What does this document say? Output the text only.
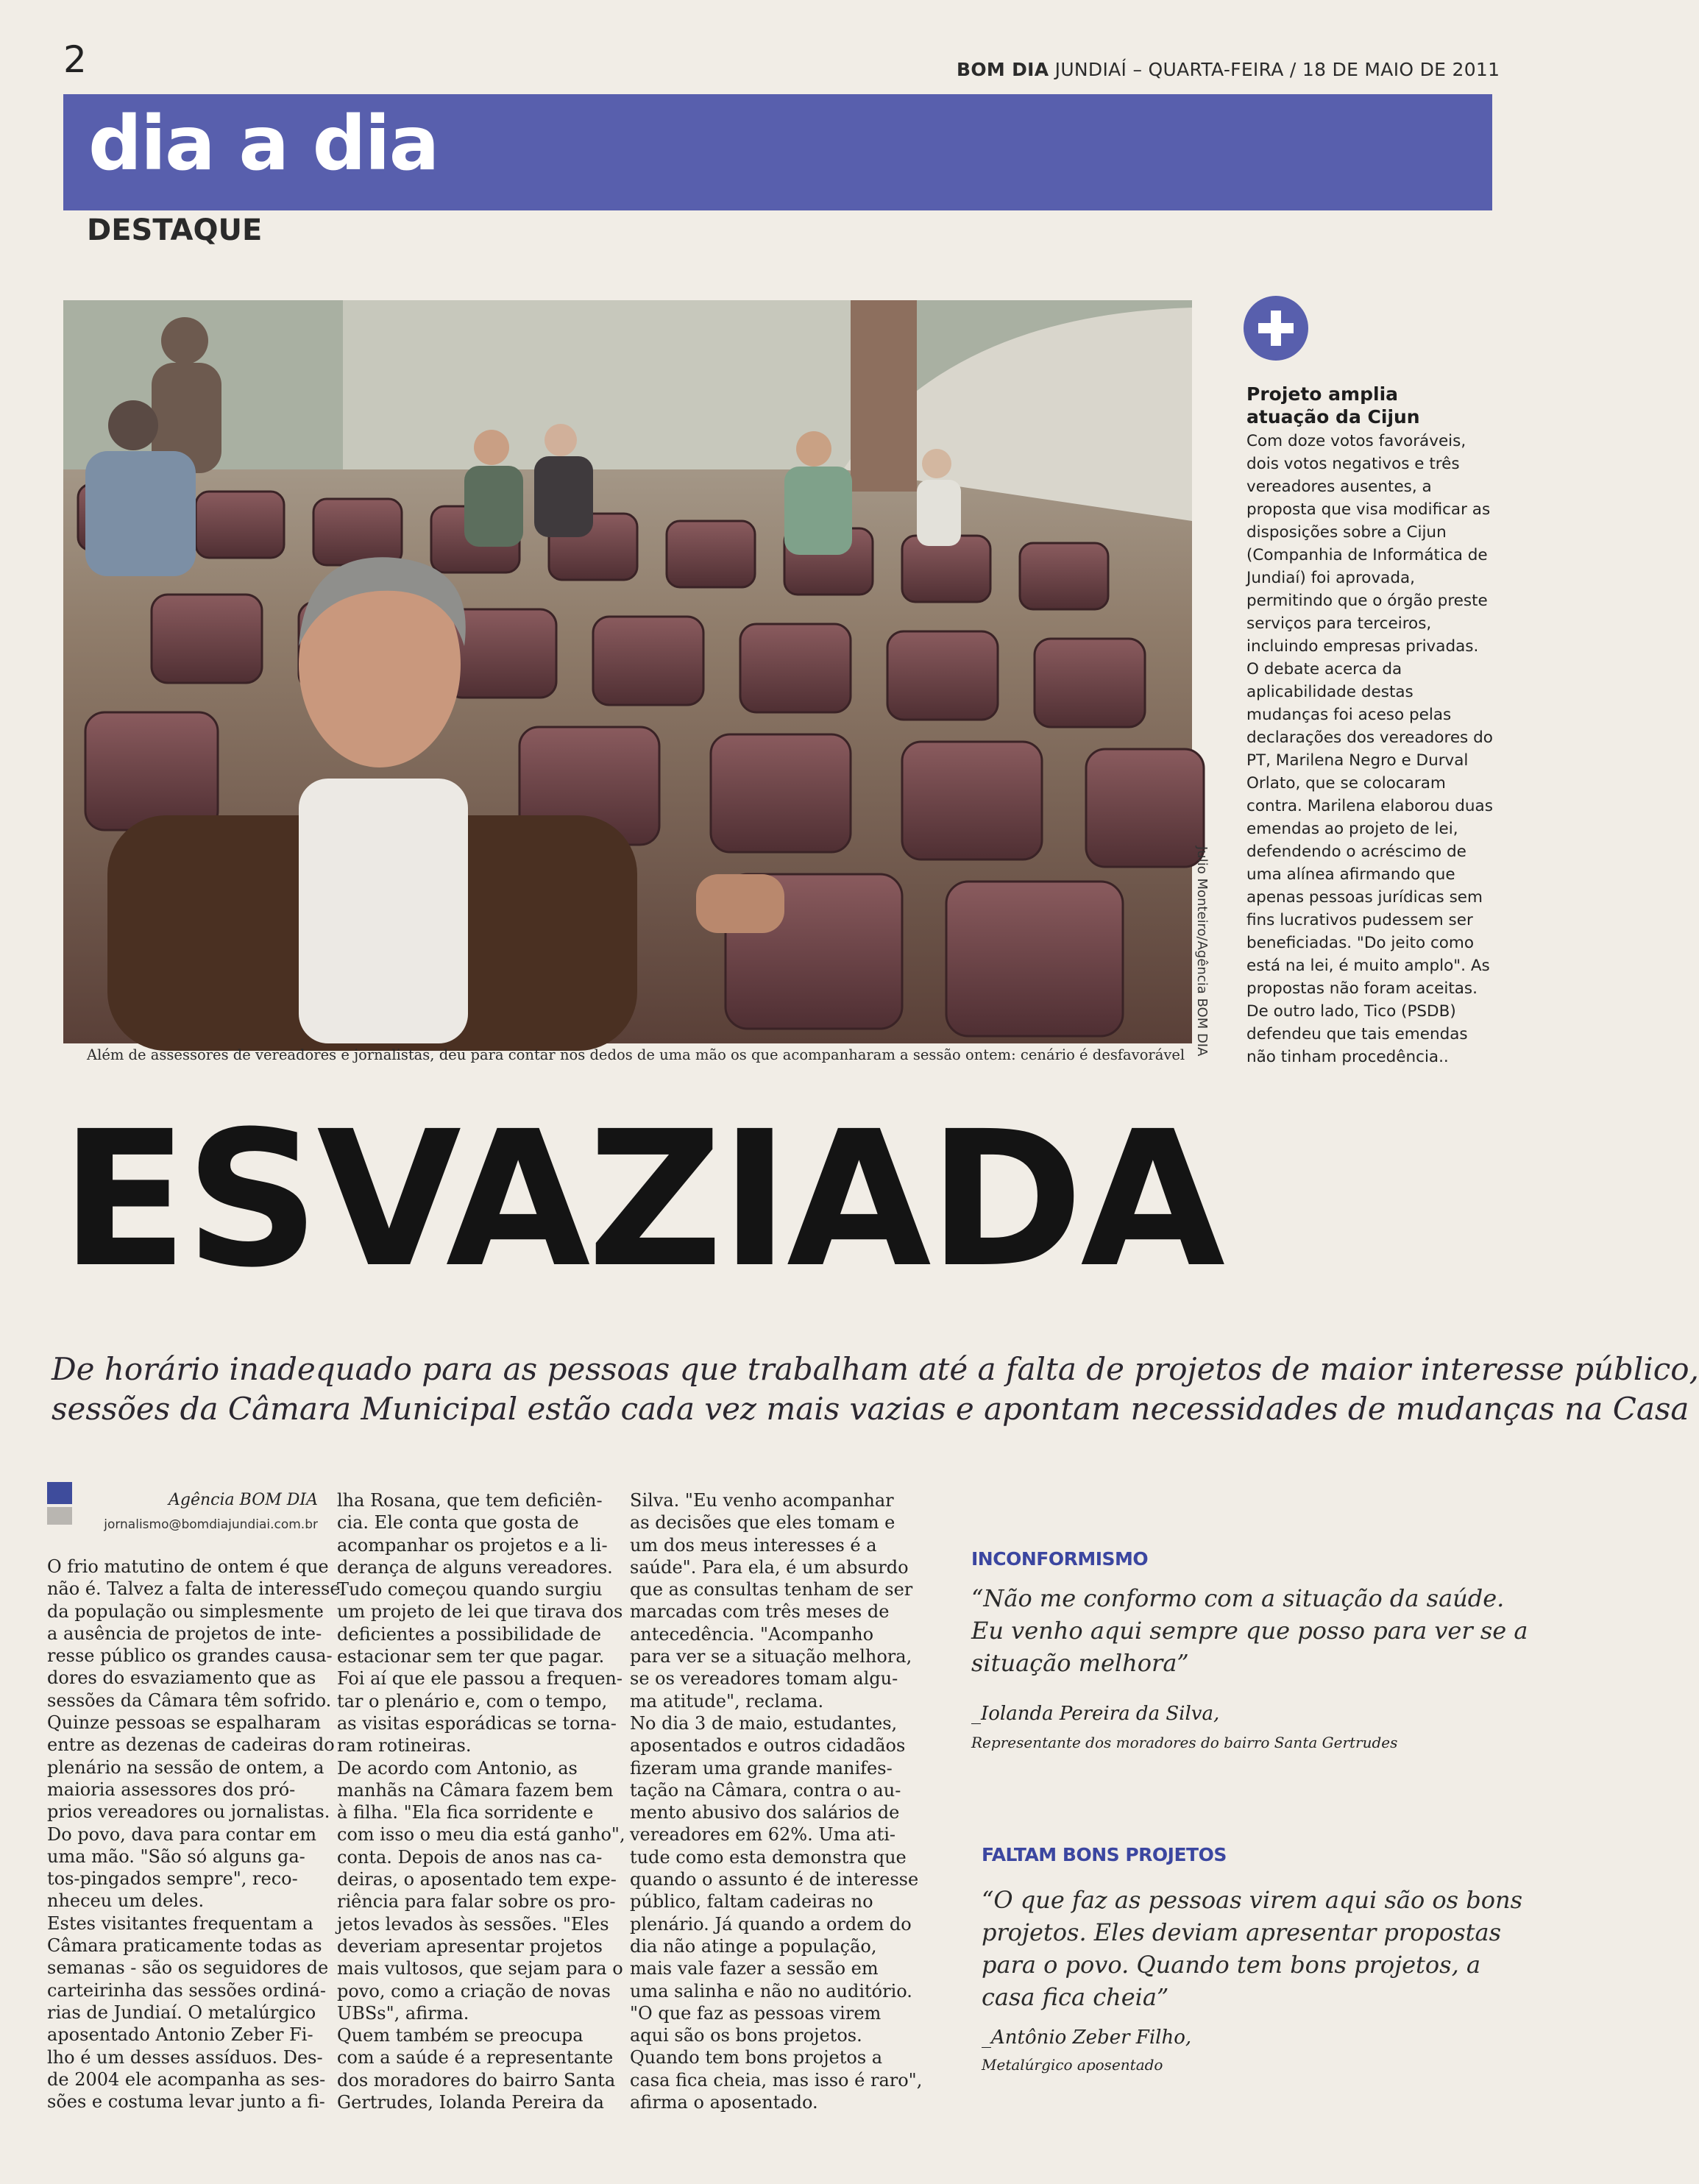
2	BOM DIA JUNDIAÍ – QUARTA-FEIRA / 18 DE MAIO DE 2011
dia a dia
DESTAQUE
Julio Monteiro/Agência BOM DIA
Além de assessores de vereadores e jornalistas, deu para contar nos dedos de uma mão os que acompanharam a sessão ontem: cenário é desfavorável
Projeto amplia
atuação da Cijun
Com doze votos favoráveis,
dois votos negativos e três
vereadores ausentes, a
proposta que visa modificar as
disposições sobre a Cijun
(Companhia de Informática de
Jundiaí) foi aprovada,
permitindo que o órgão preste
serviços para terceiros,
incluindo empresas privadas.
O debate acerca da
aplicabilidade destas
mudanças foi aceso pelas
declarações dos vereadores do
PT, Marilena Negro e Durval
Orlato, que se colocaram
contra. Marilena elaborou duas
emendas ao projeto de lei,
defendendo o acréscimo de
uma alínea afirmando que
apenas pessoas jurídicas sem
fins lucrativos pudessem ser
beneficiadas. "Do jeito como
está na lei, é muito amplo". As
propostas não foram aceitas.
De outro lado, Tico (PSDB)
defendeu que tais emendas
não tinham procedência..
ESVAZIADA
De horário inadequado para as pessoas que trabalham até a falta de projetos de maior interesse público,
sessões da Câmara Municipal estão cada vez mais vazias e apontam necessidades de mudanças na Casa
Agência BOM DIA
jornalismo@bomdiajundiai.com.br
O frio matutino de ontem é que
não é. Talvez a falta de interesse
da população ou simplesmente
a ausência de projetos de inte-
resse público os grandes causa-
dores do esvaziamento que as
sessões da Câmara têm sofrido.
Quinze pessoas se espalharam
entre as dezenas de cadeiras do
plenário na sessão de ontem, a
maioria assessores dos pró-
prios vereadores ou jornalistas.
Do povo, dava para contar em
uma mão. "São só alguns ga-
tos-pingados sempre", reco-
nheceu um deles.
Estes visitantes frequentam a
Câmara praticamente todas as
semanas - são os seguidores de
carteirinha das sessões ordiná-
rias de Jundiaí. O metalúrgico
aposentado Antonio Zeber Fi-
lho é um desses assíduos. Des-
de 2004 ele acompanha as ses-
sões e costuma levar junto a fi-
lha Rosana, que tem deficiên-
cia. Ele conta que gosta de
acompanhar os projetos e a li-
derança de alguns vereadores.
Tudo começou quando surgiu
um projeto de lei que tirava dos
deficientes a possibilidade de
estacionar sem ter que pagar.
Foi aí que ele passou a frequen-
tar o plenário e, com o tempo,
as visitas esporádicas se torna-
ram rotineiras.
De acordo com Antonio, as
manhãs na Câmara fazem bem
à filha. "Ela fica sorridente e
com isso o meu dia está ganho",
conta. Depois de anos nas ca-
deiras, o aposentado tem expe-
riência para falar sobre os pro-
jetos levados às sessões. "Eles
deveriam apresentar projetos
mais vultosos, que sejam para o
povo, como a criação de novas
UBSs", afirma.
Quem também se preocupa
com a saúde é a representante
dos moradores do bairro Santa
Gertrudes, Iolanda Pereira da
Silva. "Eu venho acompanhar
as decisões que eles tomam e
um dos meus interesses é a
saúde". Para ela, é um absurdo
que as consultas tenham de ser
marcadas com três meses de
antecedência. "Acompanho
para ver se a situação melhora,
se os vereadores tomam algu-
ma atitude", reclama.
No dia 3 de maio, estudantes,
aposentados e outros cidadãos
fizeram uma grande manifes-
tação na Câmara, contra o au-
mento abusivo dos salários de
vereadores em 62%. Uma ati-
tude como esta demonstra que
quando o assunto é de interesse
público, faltam cadeiras no
plenário. Já quando a ordem do
dia não atinge a população,
mais vale fazer a sessão em
uma salinha e não no auditório.
"O que faz as pessoas virem
aqui são os bons projetos.
Quando tem bons projetos a
casa fica cheia, mas isso é raro",
afirma o aposentado.
INCONFORMISMO
“Não me conformo com a situação da saúde.
Eu venho aqui sempre que posso para ver se a
situação melhora”
_Iolanda Pereira da Silva,
Representante dos moradores do bairro Santa Gertrudes
FALTAM BONS PROJETOS
“O que faz as pessoas virem aqui são os bons
projetos. Eles deviam apresentar propostas
para o povo. Quando tem bons projetos, a
casa fica cheia”
_Antônio Zeber Filho,
Metalúrgico aposentado
